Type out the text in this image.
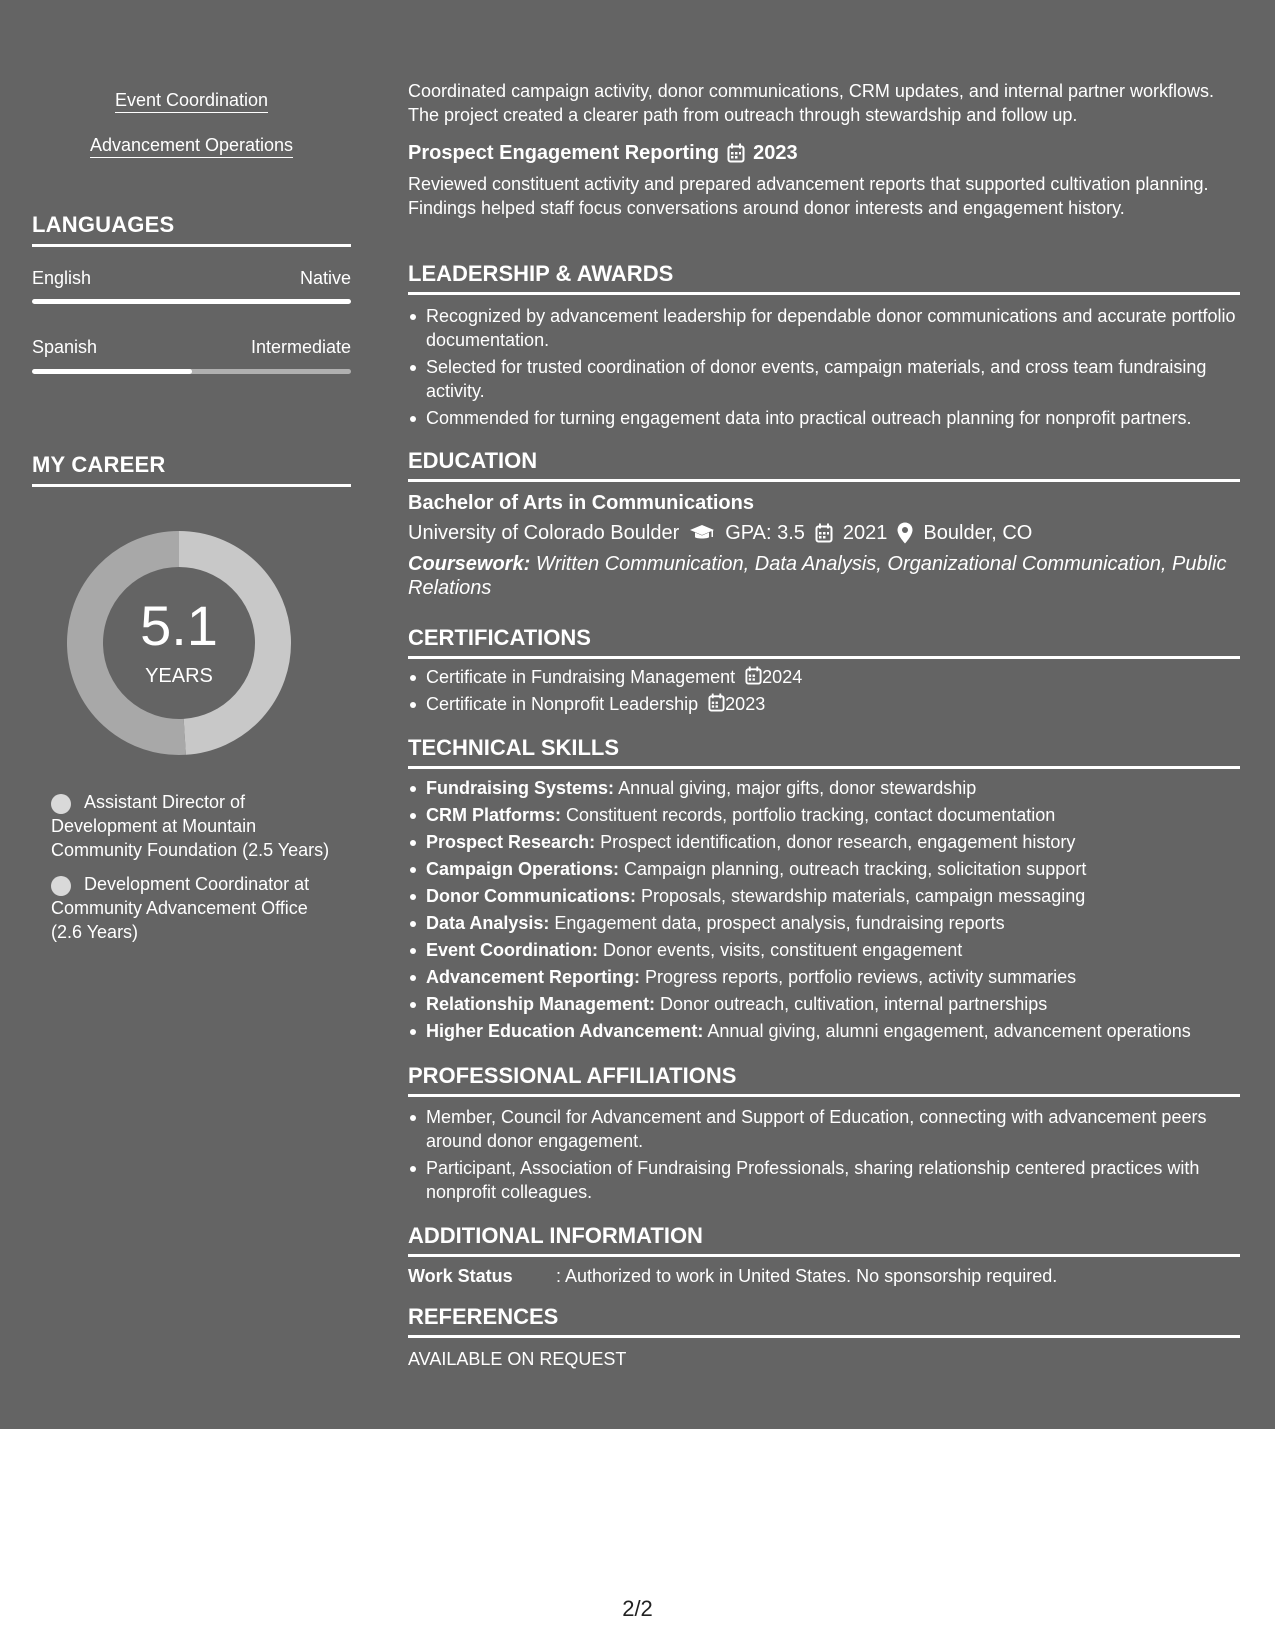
Event Coordination
Advancement Operations
LANGUAGES
English	Native
Spanish	Intermediate
MY CAREER
5.1
YEARS
Assistant Director of Development at Mountain Community Foundation (2.5 Years)
Development Coordinator at Community Advancement Office (2.6 Years)
Coordinated campaign activity, donor communications, CRM updates, and internal partner workflows. The project created a clearer path from outreach through stewardship and follow up.
Prospect Engagement Reporting 2023
Reviewed constituent activity and prepared advancement reports that supported cultivation planning. Findings helped staff focus conversations around donor interests and engagement history.
LEADERSHIP & AWARDS
Recognized by advancement leadership for dependable donor communications and accurate portfolio documentation.
Selected for trusted coordination of donor events, campaign materials, and cross team fundraising activity.
Commended for turning engagement data into practical outreach planning for nonprofit partners.
EDUCATION
Bachelor of Arts in Communications
University of Colorado Boulder GPA: 3.5 2021 Boulder, CO
Coursework: Written Communication, Data Analysis, Organizational Communication, Public Relations
CERTIFICATIONS
Certificate in Fundraising Management 2024
Certificate in Nonprofit Leadership 2023
TECHNICAL SKILLS
Fundraising Systems: Annual giving, major gifts, donor stewardship
CRM Platforms: Constituent records, portfolio tracking, contact documentation
Prospect Research: Prospect identification, donor research, engagement history
Campaign Operations: Campaign planning, outreach tracking, solicitation support
Donor Communications: Proposals, stewardship materials, campaign messaging
Data Analysis: Engagement data, prospect analysis, fundraising reports
Event Coordination: Donor events, visits, constituent engagement
Advancement Reporting: Progress reports, portfolio reviews, activity summaries
Relationship Management: Donor outreach, cultivation, internal partnerships
Higher Education Advancement: Annual giving, alumni engagement, advancement operations
PROFESSIONAL AFFILIATIONS
Member, Council for Advancement and Support of Education, connecting with advancement peers around donor engagement.
Participant, Association of Fundraising Professionals, sharing relationship centered practices with nonprofit colleagues.
ADDITIONAL INFORMATION
Work Status : Authorized to work in United States. No sponsorship required.
REFERENCES
AVAILABLE ON REQUEST
2/2
